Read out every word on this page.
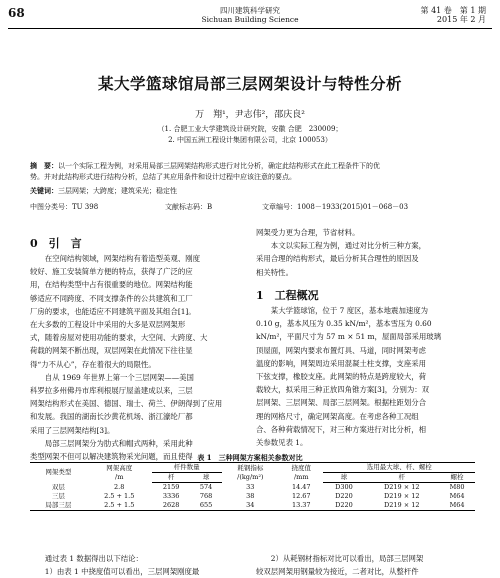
68	四川建筑科学研究
Sichuan Building Science
第 41 卷　第 1 期
2015 年 2 月
某大学篮球馆局部三层网架设计与特性分析
万　翔¹，尹志伟²，邵庆良²
（1. 合肥工业大学建筑设计研究院，安徽 合肥　230009；
2. 中国五洲工程设计集团有限公司，北京 100053）
摘　要：以一个实际工程为例，对采用局部三层网架结构形式进行对比分析，确定此结构形式在此工程条件下的优
势。并对此结构形式进行结构分析，总结了其应用条件和设计过程中应该注意的要点。
关键词：三层网架；大跨度；建筑采光；稳定性
中图分类号：TU 398	文献标志码：B	文章编号：1008－1933(2015)01－068－03
0　引　言

在空间结构领域，网架结构有着造型美观、刚度

较好、施工安装简单方便的特点，获得了广泛的应
用，在结构类型中占有很重要的地位。网架结构能
够适应不同跨度、不同支撑条件的公共建筑和工厂
厂房的要求，也能适应不同建筑平面及其组合[1]。
在大多数的工程设计中采用的大多是双层网架形
式，随着房屋对使用功能的要求，大空间、大跨度、大
荷载的网架不断出现，双层网架在此情况下往往显
得“力不从心”，存在着很大的局限性。

自从 1969 年世界上第一个三层网架——美国

科罗拉多州佛丹市库利根展厅屋盖建成以来，三层
网架结构形式在美国、德国、瑞士、荷兰、伊朗得到了应用
和发展。我国的湖南长沙黄花机场、浙江濠纶厂都
采用了三层网架结构[3]。

局部三层网架分为肋式和帽式两种，采用此种

类型网架不但可以解决建筑物采光问题，而且使得
网架受力更为合理，节省材料。

本文以实际工程为例，通过对比分析三种方案，

采用合理的结构形式，最后分析其合理性的原因及
相关特性。
1　工程概况

某大学篮球馆，位于 7 度区，基本地震加速度为

0.10 g，基本风压为 0.35 kN/m²，基本雪压为 0.60
kN/m²，平面尺寸为 57 m × 51 m，屋面局部采用玻璃
顶屋面，网架内要求布置灯具、马道，同时网架考虑
温度的影响，网架周边采用混凝土柱支撑，支座采用
下弦支撑，橡胶支座。此网架的特点是跨度较大，荷
载较大，拟采用三种正放四角锥方案[3]，分别为：双
层网架、三层网架、局部三层网架。根据柱距划分合
理的网格尺寸，确定网架高度。在考虑各种工况组
合、各种荷载情况下，对三种方案进行对比分析，相
关参数见表 1。
表 1　三种网架方案相关参数对比
网架类型	网架高度
/m	杆件数量		耗钢指标
/(kg/m²)	挠度值
/mm	选用最大球、杆、螺栓		
		杆	球			球	杆	螺栓
双层	2.8	2159	574	33	14.47	D300	D219 × 12	M80
三层	2.5 + 1.5	3336	768	38	12.67	D220	D219 × 12	M64
局部三层	2.5 + 1.5	2628	655	34	13.37	D220	D219 × 12	M64
通过表 1 数据得出以下结论：
1）由表 1 中挠度值可以看出，三层网架刚度最
2）从耗钢材指标对比可以看出，局部三层网架
较双层网架用钢量较为接近，二者对比，从整杆件
